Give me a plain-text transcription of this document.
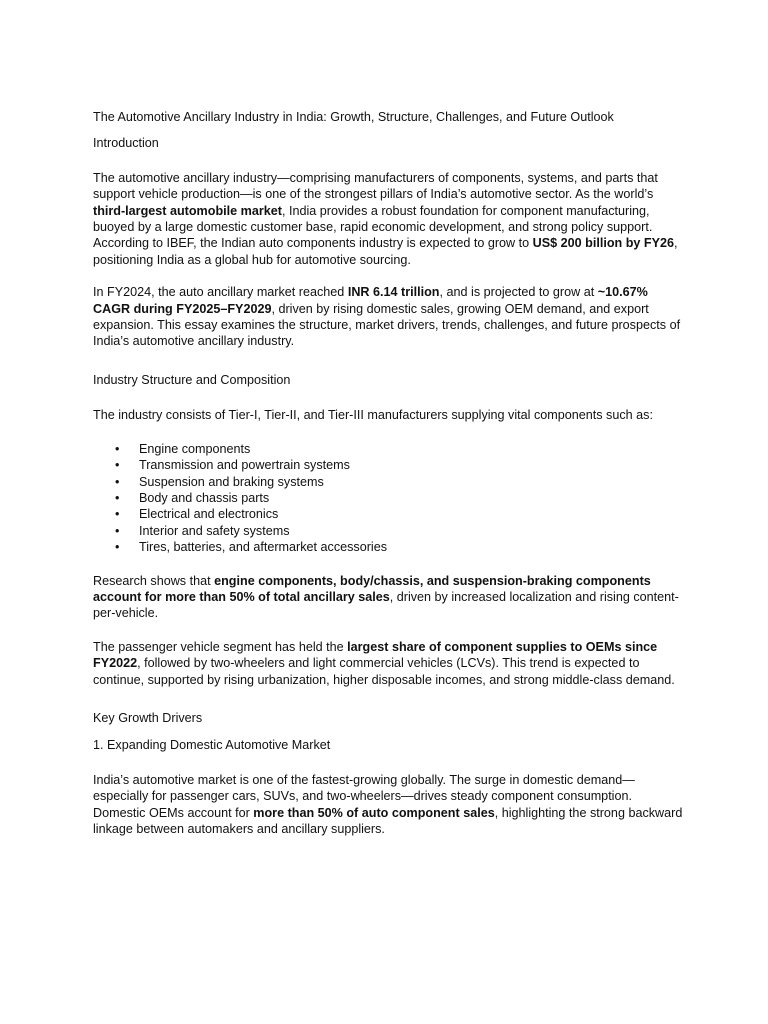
The Automotive Ancillary Industry in India: Growth, Structure, Challenges, and Future Outlook
Introduction

The automotive ancillary industry—comprising manufacturers of components, systems, and parts that support vehicle production—is one of the strongest pillars of India’s automotive sector. As the world’s third-largest automobile market, India provides a robust foundation for component manufacturing, buoyed by a large domestic customer base, rapid economic development, and strong policy support. According to IBEF, the Indian auto components industry is expected to grow to US$ 200 billion by FY26, positioning India as a global hub for automotive sourcing.

In FY2024, the auto ancillary market reached INR 6.14 trillion, and is projected to grow at ~10.67% CAGR during FY2025–FY2029, driven by rising domestic sales, growing OEM demand, and export expansion. This essay examines the structure, market drivers, trends, challenges, and future prospects of India’s automotive ancillary industry.

Industry Structure and Composition

The industry consists of Tier-I, Tier-II, and Tier-III manufacturers supplying vital components such as:

• Engine components
• Transmission and powertrain systems
• Suspension and braking systems
• Body and chassis parts
• Electrical and electronics
• Interior and safety systems
• Tires, batteries, and aftermarket accessories

Research shows that engine components, body/chassis, and suspension-braking components account for more than 50% of total ancillary sales, driven by increased localization and rising content-per-vehicle.

The passenger vehicle segment has held the largest share of component supplies to OEMs since FY2022, followed by two-wheelers and light commercial vehicles (LCVs). This trend is expected to continue, supported by rising urbanization, higher disposable incomes, and strong middle-class demand.

Key Growth Drivers
1. Expanding Domestic Automotive Market

India’s automotive market is one of the fastest-growing globally. The surge in domestic demand—especially for passenger cars, SUVs, and two-wheelers—drives steady component consumption. Domestic OEMs account for more than 50% of auto component sales, highlighting the strong backward linkage between automakers and ancillary suppliers.
